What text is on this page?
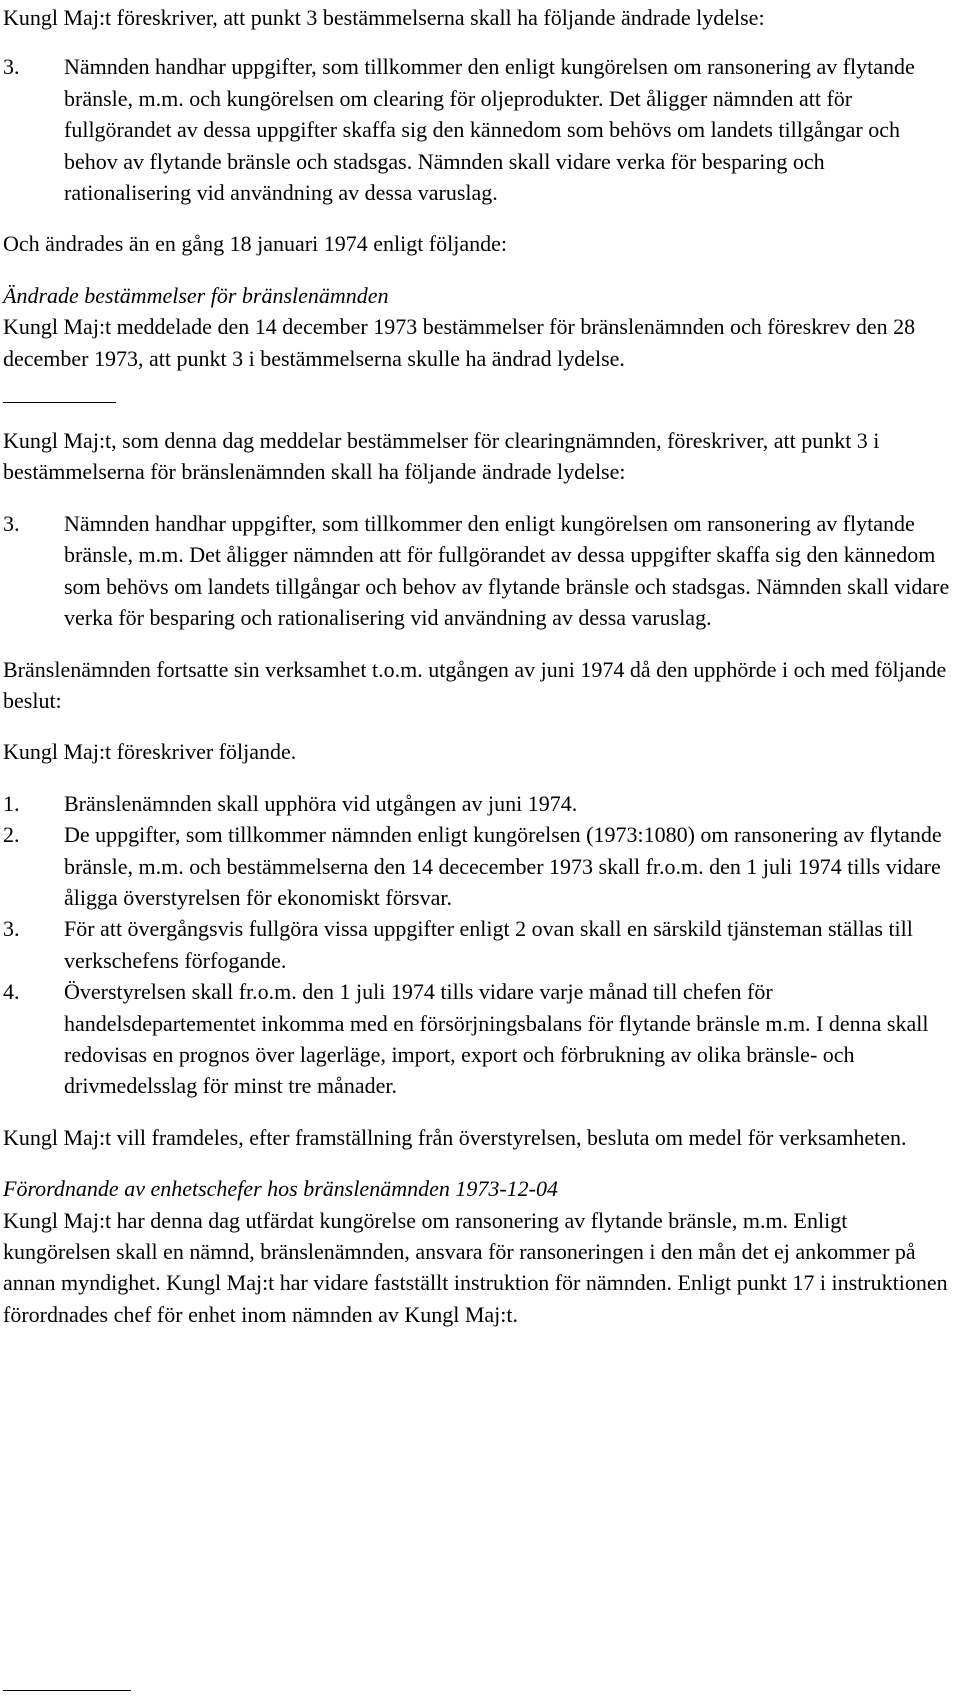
Kungl Maj:t föreskriver, att punkt 3 bestämmelserna skall ha följande ändrade lydelse:

3.	Nämnden handhar uppgifter, som tillkommer den enligt kungörelsen om ransonering av flytande bränsle, m.m. och kungörelsen om clearing för oljeprodukter. Det åligger nämnden att för fullgörandet av dessa uppgifter skaffa sig den kännedom som behövs om landets tillgångar och behov av flytande bränsle och stadsgas. Nämnden skall vidare verka för besparing och rationalisering vid användning av dessa varuslag.

Och ändrades än en gång 18 januari 1974 enligt följande:

Ändrade bestämmelser för bränslenämnden

Kungl Maj:t meddelade den 14 december 1973 bestämmelser för bränslenämnden och föreskrev den 28 december 1973, att punkt 3 i bestämmelserna skulle ha ändrad lydelse.

Kungl Maj:t, som denna dag meddelar bestämmelser för clearingnämnden, föreskriver, att punkt 3 i bestämmelserna för bränslenämnden skall ha följande ändrade lydelse:

3.	Nämnden handhar uppgifter, som tillkommer den enligt kungörelsen om ransonering av flytande bränsle, m.m. Det åligger nämnden att för fullgörandet av dessa uppgifter skaffa sig den kännedom som behövs om landets tillgångar och behov av flytande bränsle och stadsgas. Nämnden skall vidare verka för besparing och rationalisering vid användning av dessa varuslag.

Bränslenämnden fortsatte sin verksamhet t.o.m. utgången av juni 1974 då den upphörde i och med följande beslut:

Kungl Maj:t föreskriver följande.

1.	Bränslenämnden skall upphöra vid utgången av juni 1974.
2.	De uppgifter, som tillkommer nämnden enligt kungörelsen (1973:1080) om ransonering av flytande bränsle, m.m. och bestämmelserna den 14 dececember 1973 skall fr.o.m. den 1 juli 1974 tills vidare åligga överstyrelsen för ekonomiskt försvar.
3.	För att övergångsvis fullgöra vissa uppgifter enligt 2 ovan skall en särskild tjänsteman ställas till verkschefens förfogande.
4.	Överstyrelsen skall fr.o.m. den 1 juli 1974 tills vidare varje månad till chefen för handelsdepartementet inkomma med en försörjningsbalans för flytande bränsle m.m. I denna skall redovisas en prognos över lagerläge, import, export och förbrukning av olika bränsle- och drivmedelsslag för minst tre månader.

Kungl Maj:t vill framdeles, efter framställning från överstyrelsen, besluta om medel för verksamheten.

Förordnande av enhetschefer hos bränslenämnden 1973-12-04

Kungl Maj:t har denna dag utfärdat kungörelse om ransonering av flytande bränsle, m.m. Enligt kungörelsen skall en nämnd, bränslenämnden, ansvara för ransoneringen i den mån det ej ankommer på annan myndighet. Kungl Maj:t har vidare fastställt instruktion för nämnden. Enligt punkt 17 i instruktionen förordnades chef för enhet inom nämnden av Kungl Maj:t.
